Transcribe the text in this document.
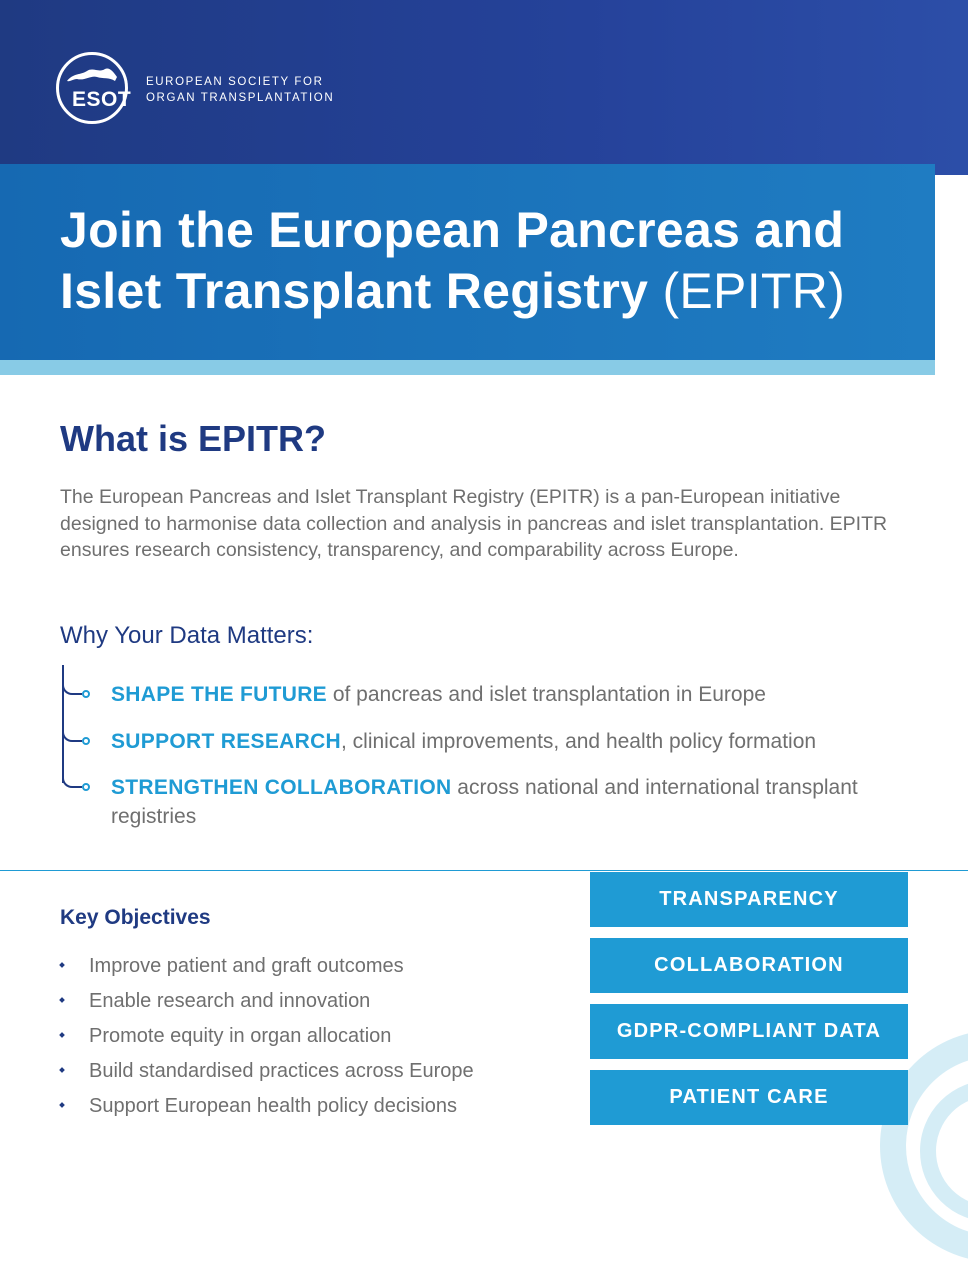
ESOT
EUROPEAN SOCIETY FOR
ORGAN TRANSPLANTATION
Join the European Pancreas and
Islet Transplant Registry (EPITR)
What is EPITR?

The European Pancreas and Islet Transplant Registry (EPITR) is a pan-European initiative designed to harmonise data collection and analysis in pancreas and islet transplantation. EPITR ensures research consistency, transparency, and comparability across Europe.

Why Your Data Matters:
SHAPE THE FUTURE of pancreas and islet transplantation in Europe
SUPPORT RESEARCH, clinical improvements, and health policy formation
STRENGTHEN COLLABORATION across national and international transplant registries
Key Objectives
Improve patient and graft outcomes
Enable research and innovation
Promote equity in organ allocation
Build standardised practices across Europe
Support European health policy decisions
TRANSPARENCY
COLLABORATION
GDPR-COMPLIANT DATA
PATIENT CARE
